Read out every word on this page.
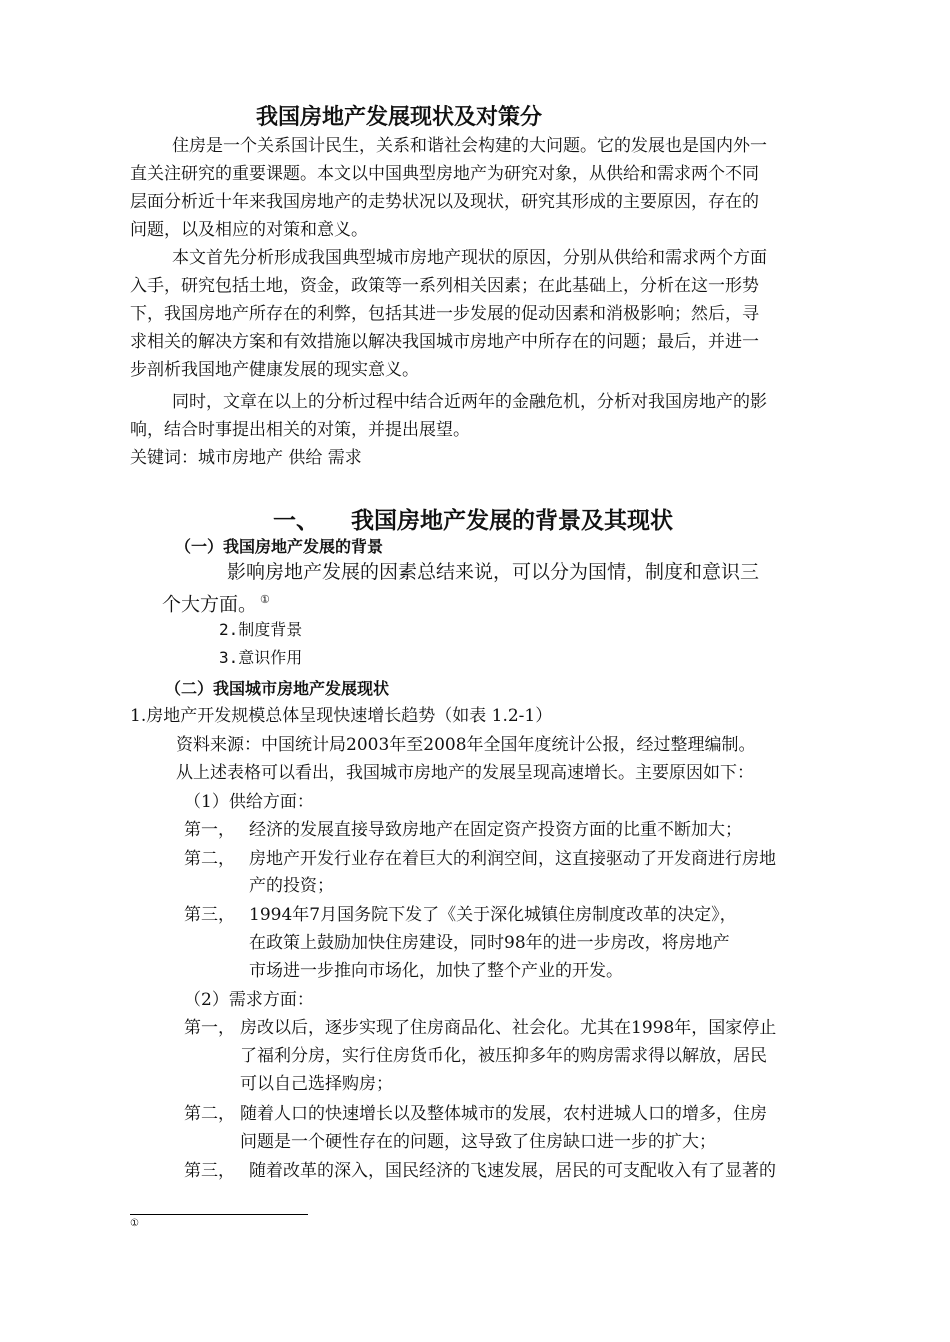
我国房地产发展现状及对策分
住房是一个关系国计民生，关系和谐社会构建的大问题。它的发展也是国内外一
直关注研究的重要课题。本文以中国典型房地产为研究对象，从供给和需求两个不同
层面分析近十年来我国房地产的走势状况以及现状，研究其形成的主要原因，存在的
问题，以及相应的对策和意义。
本文首先分析形成我国典型城市房地产现状的原因，分别从供给和需求两个方面
入手，研究包括土地，资金，政策等一系列相关因素；在此基础上，分析在这一形势
下，我国房地产所存在的利弊，包括其进一步发展的促动因素和消极影响；然后，寻
求相关的解决方案和有效措施以解决我国城市房地产中所存在的问题；最后，并进一
步剖析我国地产健康发展的现实意义。
同时，文章在以上的分析过程中结合近两年的金融危机，分析对我国房地产的影
响，结合时事提出相关的对策，并提出展望。
关键词：城市房地产 供给 需求
一、 我国房地产发展的背景及其现状
（一）我国房地产发展的背景
影响房地产发展的因素总结来说，可以分为国情，制度和意识三
个大方面。 ①
2.制度背景
3.意识作用
（二）我国城市房地产发展现状
1.房地产开发规模总体呈现快速增长趋势（如表 1.2-1）
资料来源：中国统计局2003年至2008年全国年度统计公报，经过整理编制。
从上述表格可以看出，我国城市房地产的发展呈现高速增长。主要原因如下：
（1）供给方面：
第一， 经济的发展直接导致房地产在固定资产投资方面的比重不断加大；
第二， 房地产开发行业存在着巨大的利润空间，这直接驱动了开发商进行房地
产的投资；
第三， 1994年7月国务院下发了《关于深化城镇住房制度改革的决定》，
在政策上鼓励加快住房建设，同时98年的进一步房改，将房地产
市场进一步推向市场化，加快了整个产业的开发。
（2）需求方面：
第一， 房改以后，逐步实现了住房商品化、社会化。尤其在1998年，国家停止
了福利分房，实行住房货币化，被压抑多年的购房需求得以解放，居民
可以自己选择购房；
第二， 随着人口的快速增长以及整体城市的发展，农村进城人口的增多，住房
问题是一个硬性存在的问题，这导致了住房缺口进一步的扩大；
第三， 随着改革的深入，国民经济的飞速发展，居民的可支配收入有了显著的
①
